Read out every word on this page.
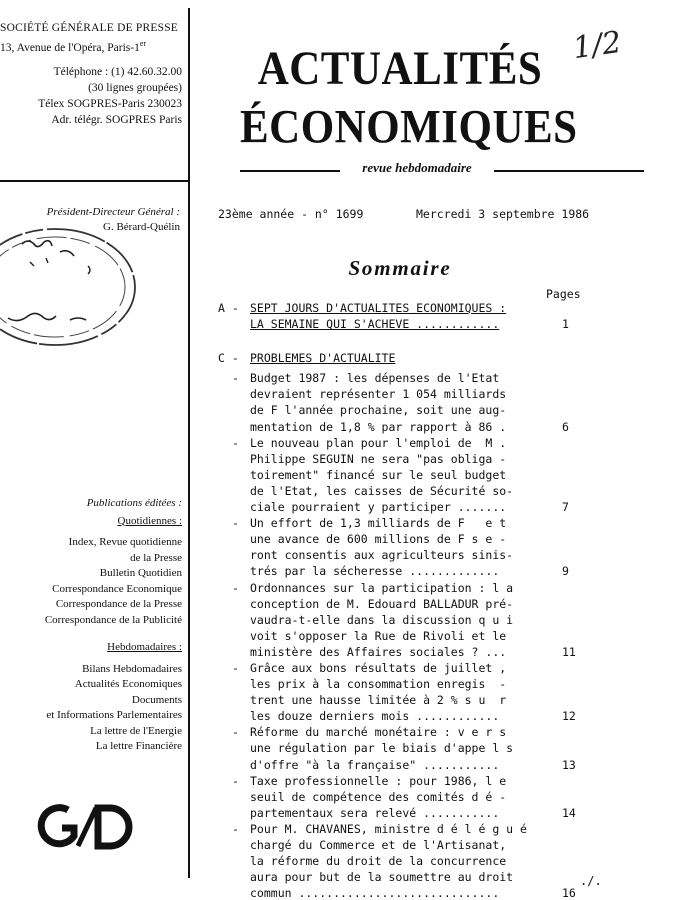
SOCIÉTÉ GÉNÉRALE DE PRESSE
13, Avenue de l'Opéra, Paris-1er
Téléphone : (1) 42.60.32.00
(30 lignes groupées)
Télex SOGPRES-Paris 230023
Adr. télégr. SOGPRES Paris
Président-Directeur Général :
G. Bérard-Quélin
Publications éditées :
Quotidiennes :
Index, Revue quotidienne
de la Presse
Bulletin Quotidien
Correspondance Economique
Correspondance de la Presse
Correspondance de la Publicité
Hebdomadaires :
Bilans Hebdomadaires
Actualités Economiques
Documents
et Informations Parlementaires
La lettre de l'Energie
La lettre Financière
ACTUALITÉS
ÉCONOMIQUES
1/2
revue hebdomadaire
23ème année - n° 1699	Mercredi 3 septembre 1986
Sommaire
Pages
A - SEPT JOURS D'ACTUALITES ECONOMIQUES :
LA SEMAINE QUI S'ACHEVE ............	1
C - PROBLEMES D'ACTUALITE
- Budget 1987 : les dépenses de l'Etat
devraient représenter 1 054 milliards
de F l'année prochaine, soit une aug-
mentation de 1,8 % par rapport à 86 .	6
- Le nouveau plan pour l'emploi de  M .
Philippe SEGUIN ne sera "pas obliga -
toirement" financé sur le seul budget
de l'Etat, les caisses de Sécurité so-
ciale pourraient y participer .......	7
- Un effort de 1,3 milliards de F   e t
une avance de 600 millions de F s e -
ront consentis aux agriculteurs sinis-
trés par la sécheresse .............	9
- Ordonnances sur la participation : l a
conception de M. Edouard BALLADUR pré-
vaudra-t-elle dans la discussion q u i
voit s'opposer la Rue de Rivoli et le
ministère des Affaires sociales ? ...	11
- Grâce aux bons résultats de juillet ,
les prix à la consommation enregis  -
trent une hausse limitée à 2 % s u  r
les douze derniers mois ............	12
- Réforme du marché monétaire : v e r s
une régulation par le biais d'appe l s
d'offre "à la française" ...........	13
- Taxe professionnelle : pour 1986, l e
seuil de compétence des comités d é -
partementaux sera relevé ...........	14
- Pour M. CHAVANES, ministre d é l é g u é
chargé du Commerce et de l'Artisanat,
la réforme du droit de la concurrence
aura pour but de la soumettre au droit
commun .............................	16
./.
